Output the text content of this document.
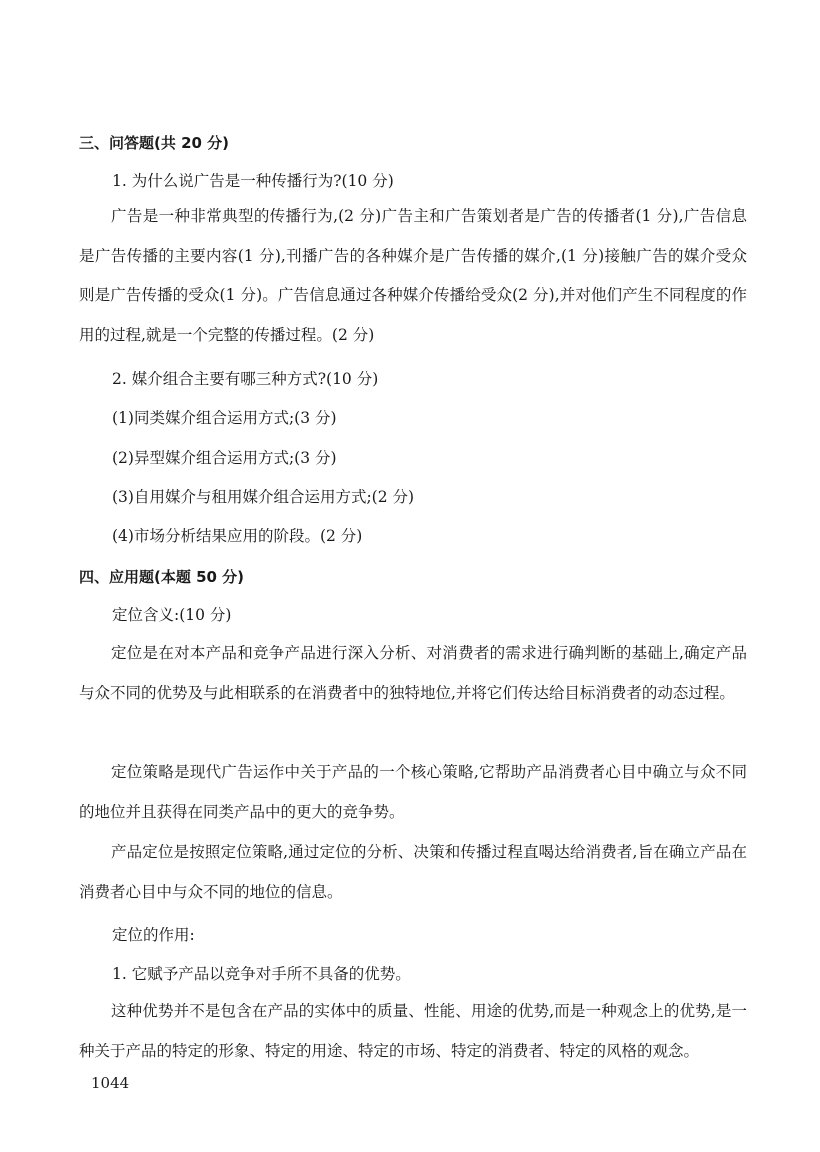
三、问答题(共 20 分)
1. 为什么说广告是一种传播行为?(10 分)

广告是一种非常典型的传播行为,(2 分)广告主和广告策划者是广告的传播者(1 分),广告信息是广告传播的主要内容(1 分),刊播广告的各种媒介是广告传播的媒介,(1 分)接触广告的媒介受众则是广告传播的受众(1 分)。广告信息通过各种媒介传播给受众(2 分),并对他们产生不同程度的作用的过程,就是一个完整的传播过程。(2 分)

2. 媒介组合主要有哪三种方式?(10 分)
(1)同类媒介组合运用方式;(3 分)
(2)异型媒介组合运用方式;(3 分)
(3)自用媒介与租用媒介组合运用方式;(2 分)
(4)市场分析结果应用的阶段。(2 分)
四、应用题(本题 50 分)
定位含义:(10 分)

定位是在对本产品和竞争产品进行深入分析、对消费者的需求进行确判断的基础上,确定产品与众不同的优势及与此相联系的在消费者中的独特地位,并将它们传达给目标消费者的动态过程。

定位策略是现代广告运作中关于产品的一个核心策略,它帮助产品消费者心目中确立与众不同的地位并且获得在同类产品中的更大的竞争势。

产品定位是按照定位策略,通过定位的分析、决策和传播过程直喝达给消费者,旨在确立产品在消费者心目中与众不同的地位的信息。

定位的作用:
1. 它赋予产品以竞争对手所不具备的优势。

这种优势并不是包含在产品的实体中的质量、性能、用途的优势,而是一种观念上的优势,是一种关于产品的特定的形象、特定的用途、特定的市场、特定的消费者、特定的风格的观念。

1044
